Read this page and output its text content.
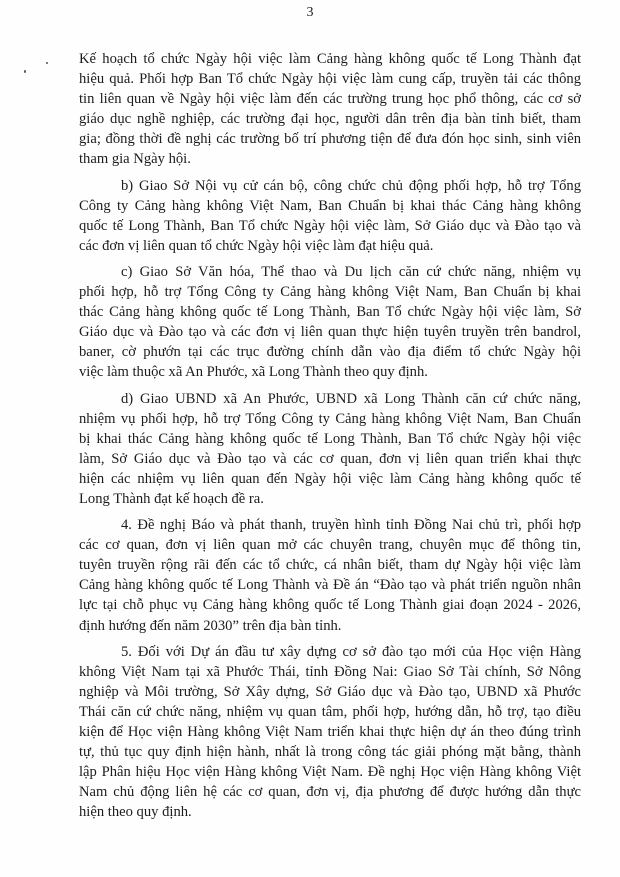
3
Kế hoạch tổ chức Ngày hội việc làm Cảng hàng không quốc tế Long Thành đạt
hiệu quả. Phối hợp Ban Tổ chức Ngày hội việc làm cung cấp, truyền tải các thông
tin liên quan về Ngày hội việc làm đến các trường trung học phổ thông, các cơ sở
giáo dục nghề nghiệp, các trường đại học, người dân trên địa bàn tỉnh biết, tham
gia; đồng thời đề nghị các trường bố trí phương tiện để đưa đón học sinh, sinh viên
tham gia Ngày hội.
b) Giao Sở Nội vụ cử cán bộ, công chức chủ động phối hợp, hỗ trợ Tổng
Công ty Cảng hàng không Việt Nam, Ban Chuẩn bị khai thác Cảng hàng không
quốc tế Long Thành, Ban Tổ chức Ngày hội việc làm, Sở Giáo dục và Đào tạo và
các đơn vị liên quan tổ chức Ngày hội việc làm đạt hiệu quả.
c) Giao Sở Văn hóa, Thể thao và Du lịch căn cứ chức năng, nhiệm vụ
phối hợp, hỗ trợ Tổng Công ty Cảng hàng không Việt Nam, Ban Chuẩn bị khai
thác Cảng hàng không quốc tế Long Thành, Ban Tổ chức Ngày hội việc làm, Sở
Giáo dục và Đào tạo và các đơn vị liên quan thực hiện tuyên truyền trên bandrol,
baner, cờ phướn tại các trục đường chính dẫn vào địa điểm tổ chức Ngày hội
việc làm thuộc xã An Phước, xã Long Thành theo quy định.
d) Giao UBND xã An Phước, UBND xã Long Thành căn cứ chức năng,
nhiệm vụ phối hợp, hỗ trợ Tổng Công ty Cảng hàng không Việt Nam, Ban Chuẩn
bị khai thác Cảng hàng không quốc tế Long Thành, Ban Tổ chức Ngày hội việc
làm, Sở Giáo dục và Đào tạo và các cơ quan, đơn vị liên quan triển khai thực
hiện các nhiệm vụ liên quan đến Ngày hội việc làm Cảng hàng không quốc tế
Long Thành đạt kế hoạch đề ra.
4. Đề nghị Báo và phát thanh, truyền hình tỉnh Đồng Nai chủ trì, phối hợp
các cơ quan, đơn vị liên quan mở các chuyên trang, chuyên mục để thông tin,
tuyên truyền rộng rãi đến các tổ chức, cá nhân biết, tham dự Ngày hội việc làm
Cảng hàng không quốc tế Long Thành và Đề án “Đào tạo và phát triển nguồn nhân
lực tại chỗ phục vụ Cảng hàng không quốc tế Long Thành giai đoạn 2024 - 2026,
định hướng đến năm 2030” trên địa bàn tỉnh.
5. Đối với Dự án đầu tư xây dựng cơ sở đào tạo mới của Học viện Hàng
không Việt Nam tại xã Phước Thái, tỉnh Đồng Nai: Giao Sở Tài chính, Sở Nông
nghiệp và Môi trường, Sở Xây dựng, Sở Giáo dục và Đào tạo, UBND xã Phước
Thái căn cứ chức năng, nhiệm vụ quan tâm, phối hợp, hướng dẫn, hỗ trợ, tạo điều
kiện để Học viện Hàng không Việt Nam triển khai thực hiện dự án theo đúng trình
tự, thủ tục quy định hiện hành, nhất là trong công tác giải phóng mặt bằng, thành
lập Phân hiệu Học viện Hàng không Việt Nam. Đề nghị Học viện Hàng không Việt
Nam chủ động liên hệ các cơ quan, đơn vị, địa phương để được hướng dẫn thực
hiện theo quy định.
